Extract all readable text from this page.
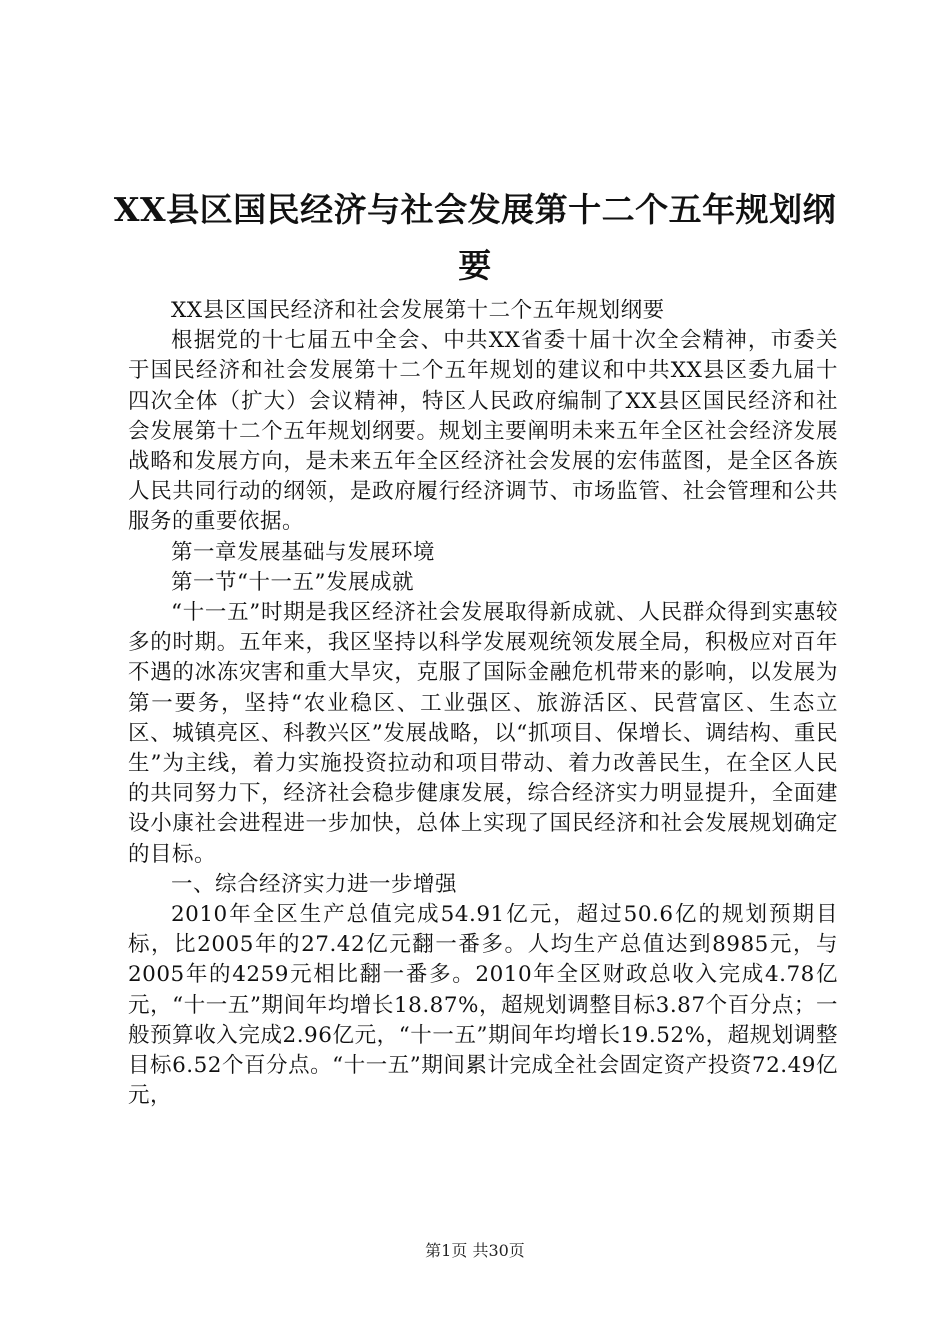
XX县区国民经济与社会发展第十二个五年规划纲要

XX县区国民经济和社会发展第十二个五年规划纲要

根据党的十七届五中全会、中共XX省委十届十次全会精神，市委关于国民经济和社会发展第十二个五年规划的建议和中共XX县区委九届十四次全体（扩大）会议精神，特区人民政府编制了XX县区国民经济和社会发展第十二个五年规划纲要。规划主要阐明未来五年全区社会经济发展战略和发展方向，是未来五年全区经济社会发展的宏伟蓝图，是全区各族人民共同行动的纲领，是政府履行经济调节、市场监管、社会管理和公共服务的重要依据。

第一章发展基础与发展环境

第一节“十一五”发展成就

“十一五”时期是我区经济社会发展取得新成就、人民群众得到实惠较多的时期。五年来，我区坚持以科学发展观统领发展全局，积极应对百年不遇的冰冻灾害和重大旱灾，克服了国际金融危机带来的影响，以发展为第一要务，坚持“农业稳区、工业强区、旅游活区、民营富区、生态立区、城镇亮区、科教兴区”发展战略，以“抓项目、保增长、调结构、重民生”为主线，着力实施投资拉动和项目带动、着力改善民生，在全区人民的共同努力下，经济社会稳步健康发展，综合经济实力明显提升，全面建设小康社会进程进一步加快，总体上实现了国民经济和社会发展规划确定的目标。

一、综合经济实力进一步增强

2010年全区生产总值完成54.91亿元，超过50.6亿的规划预期目标，比2005年的27.42亿元翻一番多。人均生产总值达到8985元，与2005年的4259元相比翻一番多。2010年全区财政总收入完成4.78亿元，“十一五”期间年均增长18.87%，超规划调整目标3.87个百分点；一般预算收入完成2.96亿元，“十一五”期间年均增长19.52%，超规划调整目标6.52个百分点。“十一五”期间累计完成全社会固定资产投资72.49亿元，

第1页 共30页
